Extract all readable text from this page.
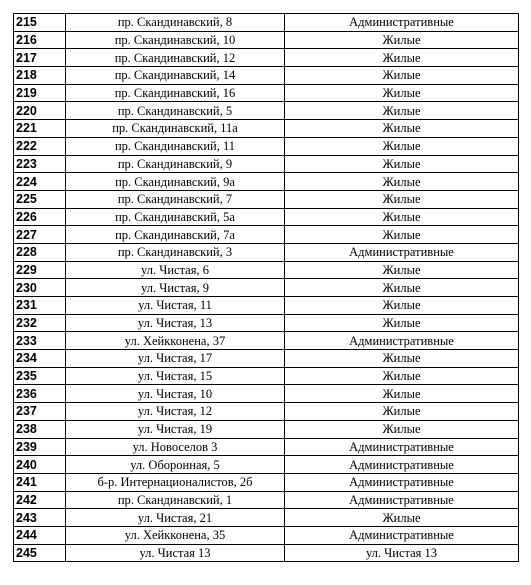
215	пр. Скандинавский, 8	Административные
216	пр. Скандинавский, 10	Жилые
217	пр. Скандинавский, 12	Жилые
218	пр. Скандинавский, 14	Жилые
219	пр. Скандинавский, 16	Жилые
220	пр. Скандинавский, 5	Жилые
221	пр. Скандинавский, 11а	Жилые
222	пр. Скандинавский, 11	Жилые
223	пр. Скандинавский, 9	Жилые
224	пр. Скандинавский, 9а	Жилые
225	пр. Скандинавский, 7	Жилые
226	пр. Скандинавский, 5а	Жилые
227	пр. Скандинавский, 7а	Жилые
228	пр. Скандинавский, 3	Административные
229	ул. Чистая, 6	Жилые
230	ул. Чистая, 9	Жилые
231	ул. Чистая, 11	Жилые
232	ул. Чистая, 13	Жилые
233	ул. Хейкконена, 37	Административные
234	ул. Чистая, 17	Жилые
235	ул. Чистая, 15	Жилые
236	ул. Чистая, 10	Жилые
237	ул. Чистая, 12	Жилые
238	ул. Чистая, 19	Жилые
239	ул. Новоселов 3	Административные
240	ул. Оборонная, 5	Административные
241	б-р. Интернационалистов, 2б	Административные
242	пр. Скандинавский, 1	Административные
243	ул. Чистая, 21	Жилые
244	ул. Хейкконена, 35	Административные
245	ул. Чистая 13	ул. Чистая 13
